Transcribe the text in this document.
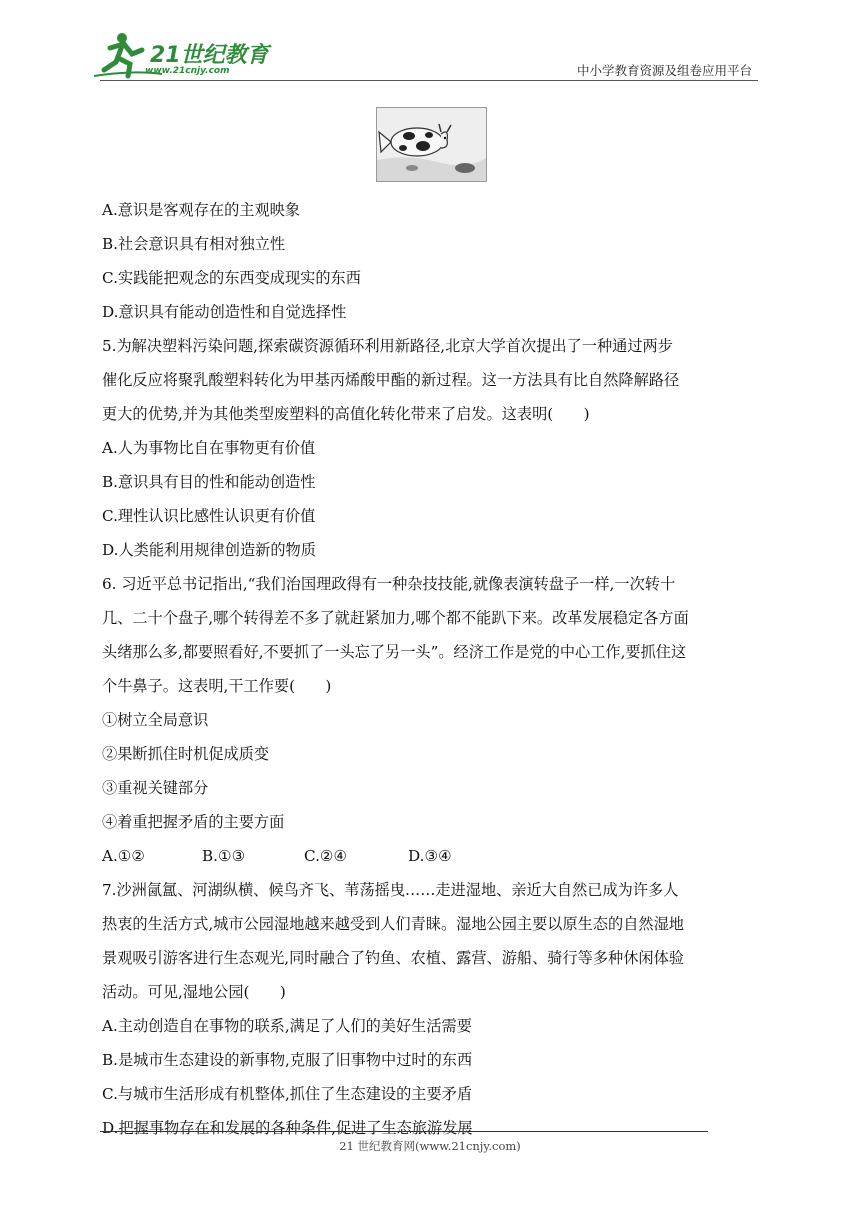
21世纪教育
www.21cnjy.com	中小学教育资源及组卷应用平台
A.意识是客观存在的主观映象
B.社会意识具有相对独立性
C.实践能把观念的东西变成现实的东西
D.意识具有能动创造性和自觉选择性
5.为解决塑料污染问题,探索碳资源循环利用新路径,北京大学首次提出了一种通过两步
催化反应将聚乳酸塑料转化为甲基丙烯酸甲酯的新过程。这一方法具有比自然降解路径
更大的优势,并为其他类型废塑料的高值化转化带来了启发。这表明(　　)
A.人为事物比自在事物更有价值
B.意识具有目的性和能动创造性
C.理性认识比感性认识更有价值
D.人类能利用规律创造新的物质
6. 习近平总书记指出,“我们治国理政得有一种杂技技能,就像表演转盘子一样,一次转十
几、二十个盘子,哪个转得差不多了就赶紧加力,哪个都不能趴下来。改革发展稳定各方面
头绪那么多,都要照看好,不要抓了一头忘了另一头”。经济工作是党的中心工作,要抓住这
个牛鼻子。这表明,干工作要(　　)
①树立全局意识
②果断抓住时机促成质变
③重视关键部分
④着重把握矛盾的主要方面
A.①②	B.①③	C.②④	D.③④
7.沙洲氤氲、河湖纵横、候鸟齐飞、苇荡摇曳……走进湿地、亲近大自然已成为许多人
热衷的生活方式,城市公园湿地越来越受到人们青睐。湿地公园主要以原生态的自然湿地
景观吸引游客进行生态观光,同时融合了钓鱼、农植、露营、游船、骑行等多种休闲体验
活动。可见,湿地公园(　　)
A.主动创造自在事物的联系,满足了人们的美好生活需要
B.是城市生态建设的新事物,克服了旧事物中过时的东西
C.与城市生活形成有机整体,抓住了生态建设的主要矛盾
D.把握事物存在和发展的各种条件,促进了生态旅游发展
21 世纪教育网(www.21cnjy.com)
